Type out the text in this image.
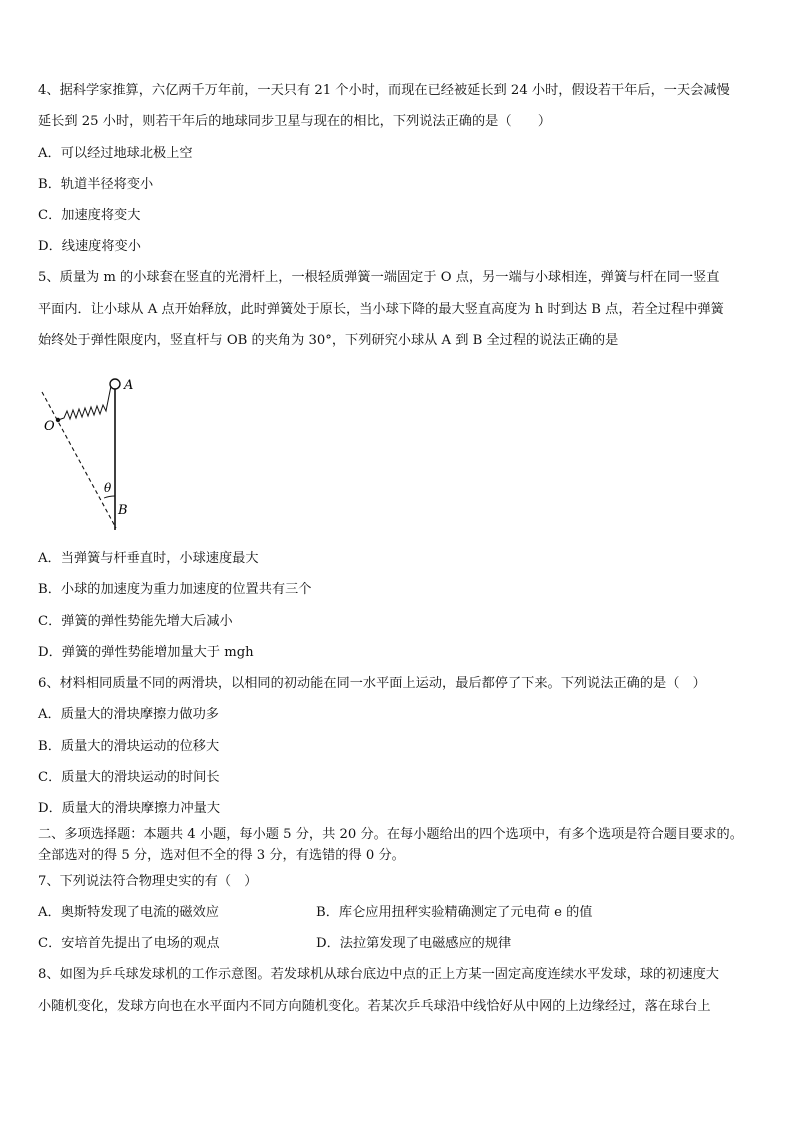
4、据科学家推算，六亿两千万年前，一天只有 21 个小时，而现在已经被延长到 24 小时，假设若干年后，一天会减慢
延长到 25 小时，则若干年后的地球同步卫星与现在的相比，下列说法正确的是（　　）
A．可以经过地球北极上空
B．轨道半径将变小
C．加速度将变大
D．线速度将变小
5、质量为 m 的小球套在竖直的光滑杆上，一根轻质弹簧一端固定于 O 点，另一端与小球相连，弹簧与杆在同一竖直
平面内．让小球从 A 点开始释放，此时弹簧处于原长，当小球下降的最大竖直高度为 h 时到达 B 点，若全过程中弹簧
始终处于弹性限度内，竖直杆与 OB 的夹角为 30°，下列研究小球从 A 到 B 全过程的说法正确的是
A
O
θ
B
A．当弹簧与杆垂直时，小球速度最大
B．小球的加速度为重力加速度的位置共有三个
C．弹簧的弹性势能先增大后减小
D．弹簧的弹性势能增加量大于 mgh
6、材料相同质量不同的两滑块，以相同的初动能在同一水平面上运动，最后都停了下来。下列说法正确的是（　）
A．质量大的滑块摩擦力做功多
B．质量大的滑块运动的位移大
C．质量大的滑块运动的时间长
D．质量大的滑块摩擦力冲量大
二、多项选择题：本题共 4 小题，每小题 5 分，共 20 分。在每小题给出的四个选项中，有多个选项是符合题目要求的。
全部选对的得 5 分，选对但不全的得 3 分，有选错的得 0 分。
7、下列说法符合物理史实的有（　）
A．奥斯特发现了电流的磁效应	B．库仑应用扭秤实验精确测定了元电荷 e 的值
C．安培首先提出了电场的观点	D．法拉第发现了电磁感应的规律
8、如图为乒乓球发球机的工作示意图。若发球机从球台底边中点的正上方某一固定高度连续水平发球，球的初速度大
小随机变化，发球方向也在水平面内不同方向随机变化。若某次乒乓球沿中线恰好从中网的上边缘经过，落在球台上
